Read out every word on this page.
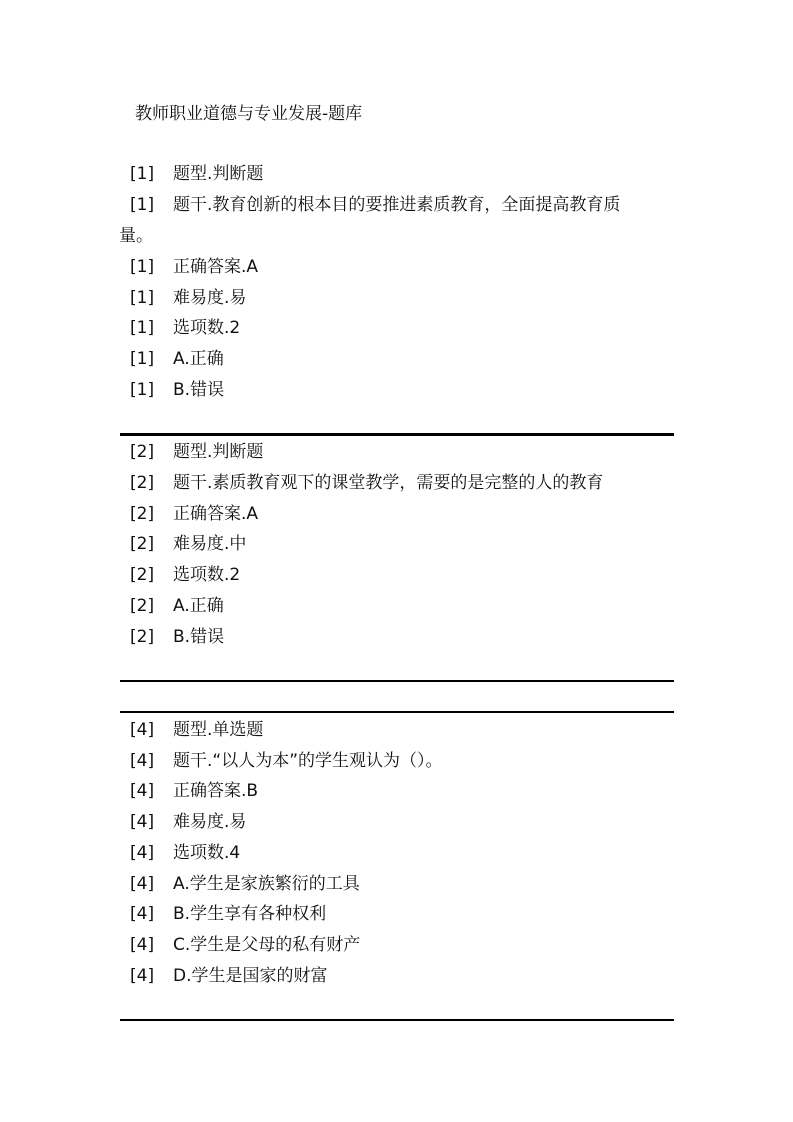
教师职业道德与专业发展-题库
[1] 题型.判断题
[1] 题干.教育创新的根本目的要推进素质教育，全面提高教育质
[1] 正确答案.A
[1] 难易度.易
[1] 选项数.2
[1] A.正确
[1] B.错误
量。
[2] 题型.判断题
[2] 题干.素质教育观下的课堂教学，需要的是完整的人的教育
[2] 正确答案.A
[2] 难易度.中
[2] 选项数.2
[2] A.正确
[2] B.错误
[4] 题型.单选题
[4] 题干.“以人为本”的学生观认为（）。
[4] 正确答案.B
[4] 难易度.易
[4] 选项数.4
[4] A.学生是家族繁衍的工具
[4] B.学生享有各种权利
[4] C.学生是父母的私有财产
[4] D.学生是国家的财富
